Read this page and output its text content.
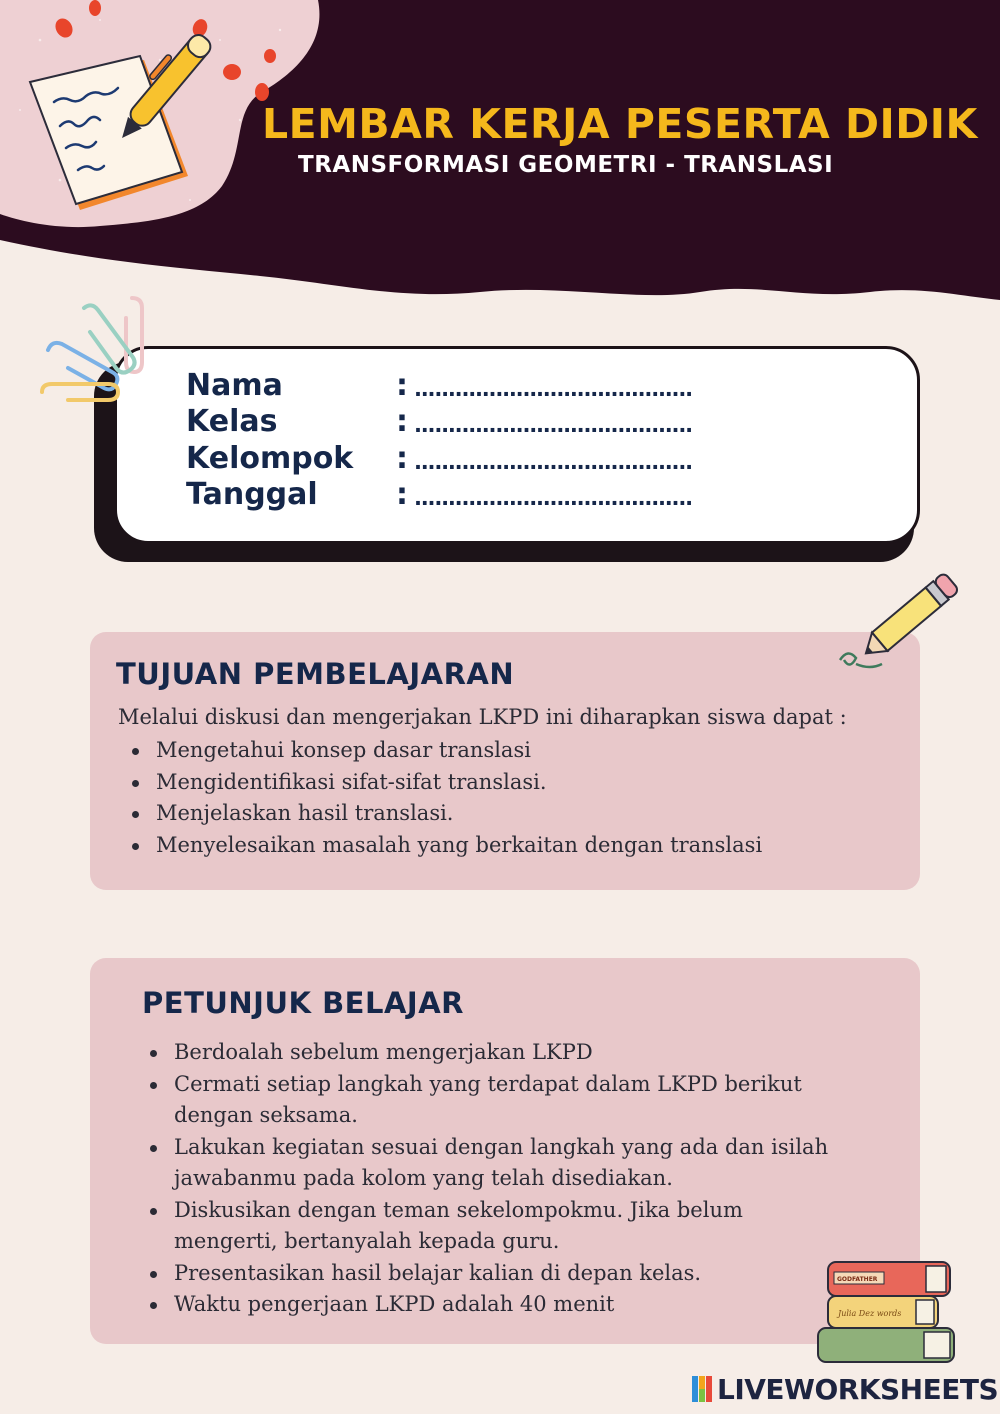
LEMBAR KERJA PESERTA DIDIK
TRANSFORMASI GEOMETRI - TRANSLASI
Nama	: .........................................
Kelas	: .........................................
Kelompok	: .........................................
Tanggal	: .........................................
TUJUAN PEMBELAJARAN
Melalui diskusi dan mengerjakan LKPD ini diharapkan siswa dapat :
Mengetahui konsep dasar translasi
Mengidentifikasi sifat-sifat translasi.
Menjelaskan hasil translasi.
Menyelesaikan masalah yang berkaitan dengan translasi
PETUNJUK BELAJAR
Berdoalah sebelum mengerjakan LKPD
Cermati setiap langkah yang terdapat dalam LKPD berikut dengan seksama.
Lakukan kegiatan sesuai dengan langkah yang ada dan isilah jawabanmu pada kolom yang telah disediakan.
Diskusikan dengan teman sekelompokmu. Jika belum mengerti, bertanyalah kepada guru.
Presentasikan hasil belajar kalian di depan kelas.
Waktu pengerjaan LKPD adalah 40 menit	Julia Dez words
GODFATHER
LIVEWORKSHEETS
